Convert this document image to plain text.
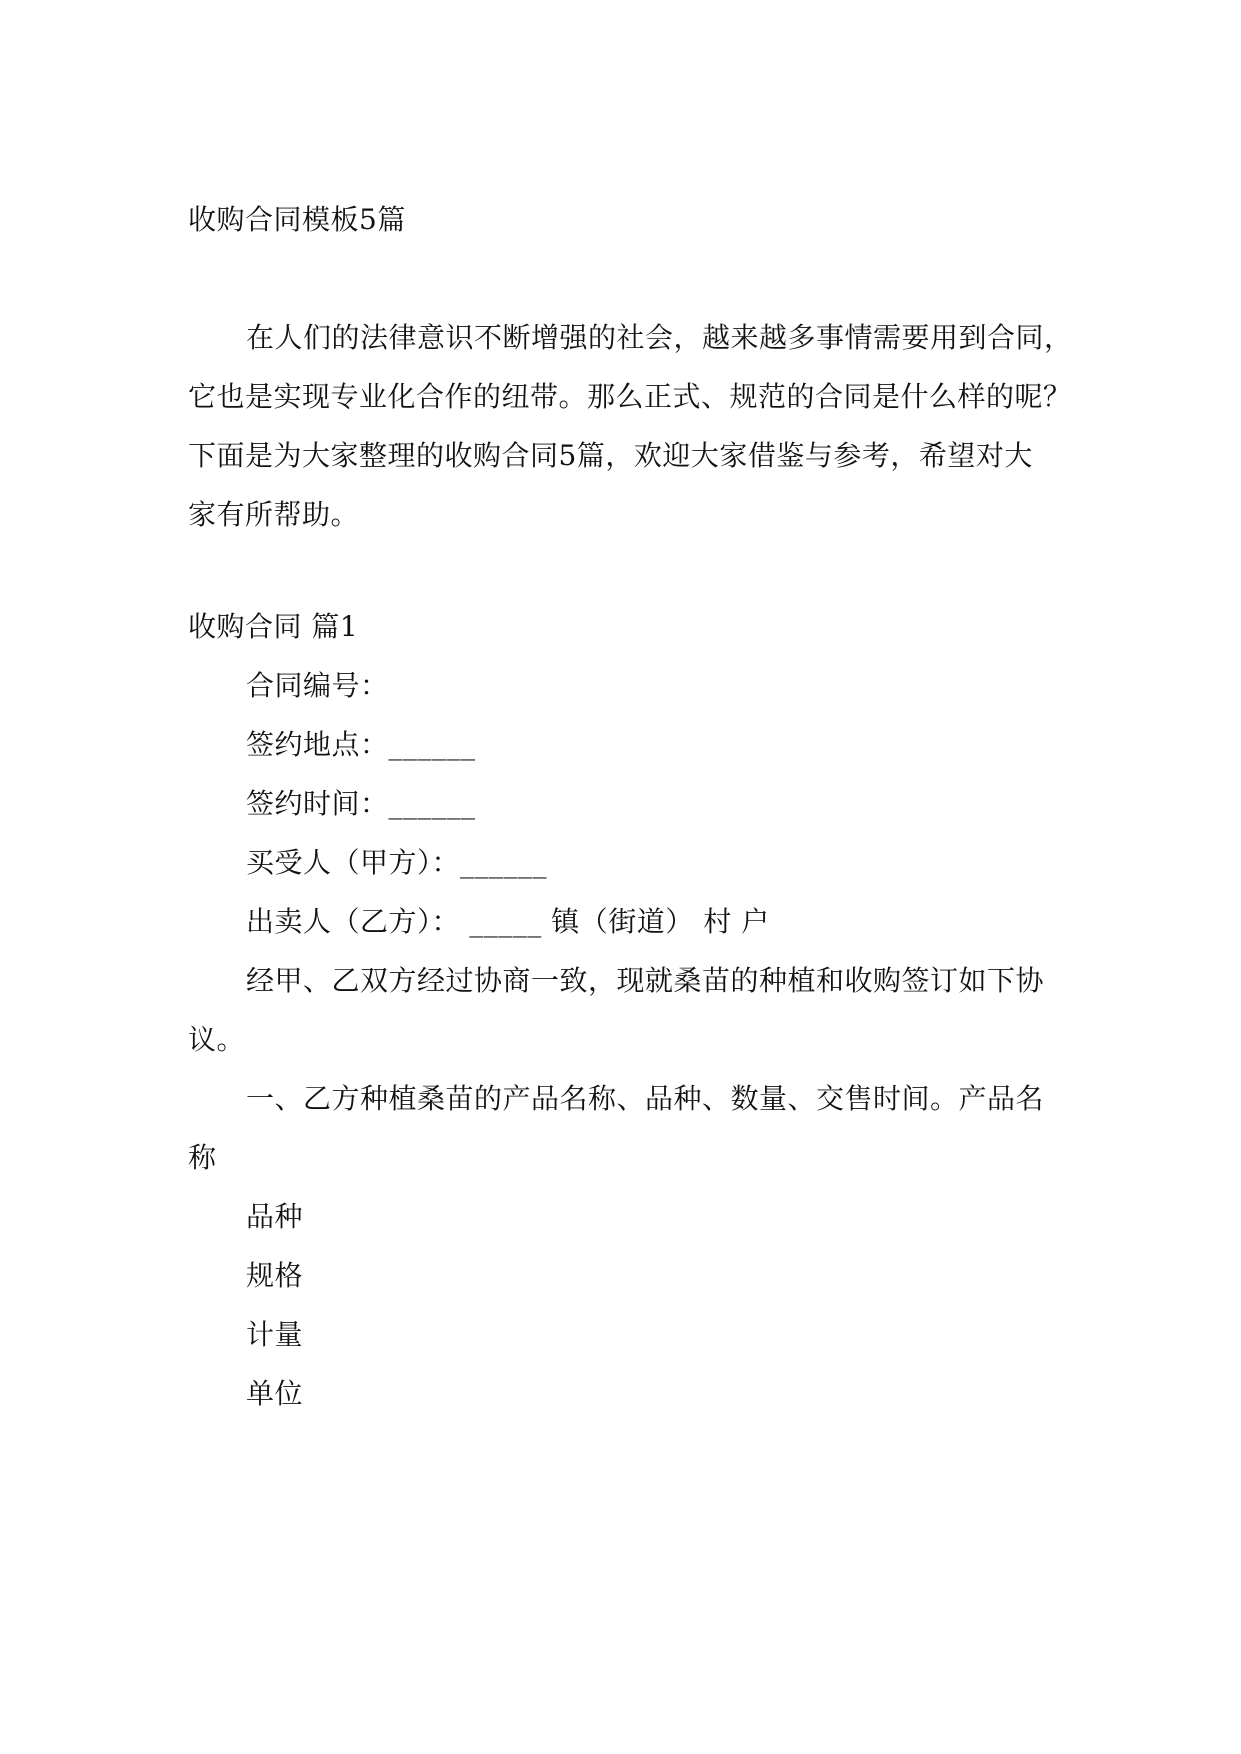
收购合同模板5篇

在人们的法律意识不断增强的社会，越来越多事情需要用到合同，

它也是实现专业化合作的纽带。那么正式、规范的合同是什么样的呢？

下面是为大家整理的收购合同5篇，欢迎大家借鉴与参考，希望对大

家有所帮助。

收购合同 篇1

合同编号：

签约地点：______

签约时间：______

买受人（甲方）：______

出卖人（乙方）： _____ 镇（街道） 村 户

经甲、乙双方经过协商一致，现就桑苗的种植和收购签订如下协

议。

一、乙方种植桑苗的产品名称、品种、数量、交售时间。产品名

称

品种

规格

计量

单位
